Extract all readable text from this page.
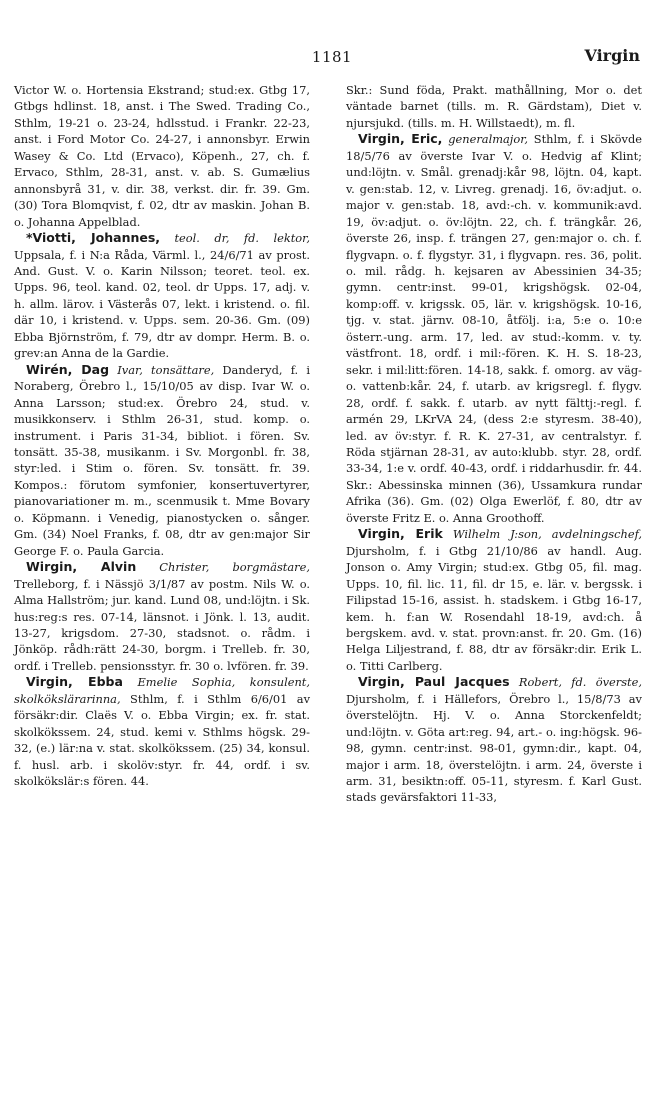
1181	Virgin

Victor W. o. Hortensia Ekstrand; stud:ex. Gtbg 17, Gtbgs hdlinst. 18, anst. i The Swed. Trading Co., Sthlm, 19-21 o. 23-24, hdlsstud. i Frankr. 22-23, anst. i Ford Motor Co. 24-27, i annonsbyr. Erwin Wasey & Co. Ltd (Ervaco), Köpenh., 27, ch. f. Ervaco, Sthlm, 28-31, anst. v. ab. S. Gumælius annonsbyrå 31, v. dir. 38, verkst. dir. fr. 39. Gm. (30) Tora Blomqvist, f. 02, dtr av maskin. Johan B. o. Johanna Appelblad.

*Viotti, Johannes, teol. dr, fd. lektor, Uppsala, f. i N:a Råda, Värml. l., 24/6/71 av prost. And. Gust. V. o. Karin Nilsson; teoret. teol. ex. Upps. 96, teol. kand. 02, teol. dr Upps. 17, adj. v. h. allm. lärov. i Västerås 07, lekt. i kristend. o. fil. där 10, i kristend. v. Upps. sem. 20-36. Gm. (09) Ebba Björnström, f. 79, dtr av dompr. Herm. B. o. grev:an Anna de la Gardie.

Wirén, Dag Ivar, tonsättare, Danderyd, f. i Noraberg, Örebro l., 15/10/05 av disp. Ivar W. o. Anna Larsson; stud:ex. Örebro 24, stud. v. musikkonserv. i Sthlm 26-31, stud. komp. o. instrument. i Paris 31-34, bibliot. i fören. Sv. tonsätt. 35-38, musikanm. i Sv. Morgonbl. fr. 38, styr:led. i Stim o. fören. Sv. tonsätt. fr. 39. Kompos.: förutom symfonier, konsertuvertyrer, pianovariationer m. m., scenmusik t. Mme Bovary o. Köpmann. i Venedig, pianostycken o. sånger. Gm. (34) Noel Franks, f. 08, dtr av gen:major Sir George F. o. Paula Garcia.

Wirgin, Alvin Christer, borgmästare, Trelleborg, f. i Nässjö 3/1/87 av postm. Nils W. o. Alma Hallström; jur. kand. Lund 08, und:löjtn. i Sk. hus:reg:s res. 07-14, länsnot. i Jönk. l. 13, audit. 13-27, krigsdom. 27-30, stadsnot. o. rådm. i Jönköp. rådh:rätt 24-30, borgm. i Trelleb. fr. 30, ordf. i Trelleb. pensionsstyr. fr. 30 o. lvfören. fr. 39.

Virgin, Ebba Emelie Sophia, konsulent, skolkökslärarinna, Sthlm, f. i Sthlm 6/6/01 av försäkr:dir. Claës V. o. Ebba Virgin; ex. fr. stat. skolkökssem. 24, stud. kemi v. Sthlms högsk. 29-32, (e.) lär:na v. stat. skolkökssem. (25) 34, konsul. f. husl. arb. i skolöv:styr. fr. 44, ordf. i sv. skolkökslär:s fören. 44.

Skr.: Sund föda, Prakt. mathållning, Mor o. det väntade barnet (tills. m. R. Gärdstam), Diet v. njursjukd. (tills. m. H. Willstaedt), m. fl.

Virgin, Eric, generalmajor, Sthlm, f. i Skövde 18/5/76 av överste Ivar V. o. Hedvig af Klint; und:löjtn. v. Smål. grenadj:kår 98, löjtn. 04, kapt. v. gen:stab. 12, v. Livreg. grenadj. 16, öv:adjut. o. major v. gen:stab. 18, avd:-ch. v. kommunik:avd. 19, öv:adjut. o. öv:löjtn. 22, ch. f. trängkår. 26, överste 26, insp. f. trängen 27, gen:major o. ch. f. flygvapn. o. f. flygstyr. 31, i flygvapn. res. 36, polit. o. mil. rådg. h. kejsaren av Abessinien 34-35; gymn. centr:inst. 99-01, krigshögsk. 02-04, komp:off. v. krigssk. 05, lär. v. krigshögsk. 10-16, tjg. v. stat. järnv. 08-10, åtfölj. i:a, 5:e o. 10:e österr.-ung. arm. 17, led. av stud:-komm. v. ty. västfront. 18, ordf. i mil:-fören. K. H. S. 18-23, sekr. i mil:litt:fören. 14-18, sakk. f. omorg. av väg- o. vattenb:kår. 24, f. utarb. av krigsregl. f. flygv. 28, ordf. f. sakk. f. utarb. av nytt fälttj:-regl. f. armén 29, LKrVA 24, (dess 2:e styresm. 38-40), led. av öv:styr. f. R. K. 27-31, av centralstyr. f. Röda stjärnan 28-31, av auto:klubb. styr. 28, ordf. 33-34, 1:e v. ordf. 40-43, ordf. i riddarhusdir. fr. 44. Skr.: Abessinska minnen (36), Ussamkura rundar Afrika (36). Gm. (02) Olga Ewerlöf, f. 80, dtr av överste Fritz E. o. Anna Groothoff.

Virgin, Erik Wilhelm J:son, avdelningschef, Djursholm, f. i Gtbg 21/10/86 av handl. Aug. Jonson o. Amy Virgin; stud:ex. Gtbg 05, fil. mag. Upps. 10, fil. lic. 11, fil. dr 15, e. lär. v. bergssk. i Filipstad 15-16, assist. h. stadskem. i Gtbg 16-17, kem. h. f:an W. Rosendahl 18-19, avd:ch. å bergskem. avd. v. stat. provn:anst. fr. 20. Gm. (16) Helga Liljestrand, f. 88, dtr av försäkr:dir. Erik L. o. Titti Carlberg.

Virgin, Paul Jacques Robert, fd. överste, Djursholm, f. i Hällefors, Örebro l., 15/8/73 av överstelöjtn. Hj. V. o. Anna Storckenfeldt; und:löjtn. v. Göta art:reg. 94, art.- o. ing:högsk. 96-98, gymn. centr:inst. 98-01, gymn:dir., kapt. 04, major i arm. 18, överstelöjtn. i arm. 24, överste i arm. 31, besiktn:off. 05-11, styresm. f. Karl Gust. stads gevärsfaktori 11-33,
